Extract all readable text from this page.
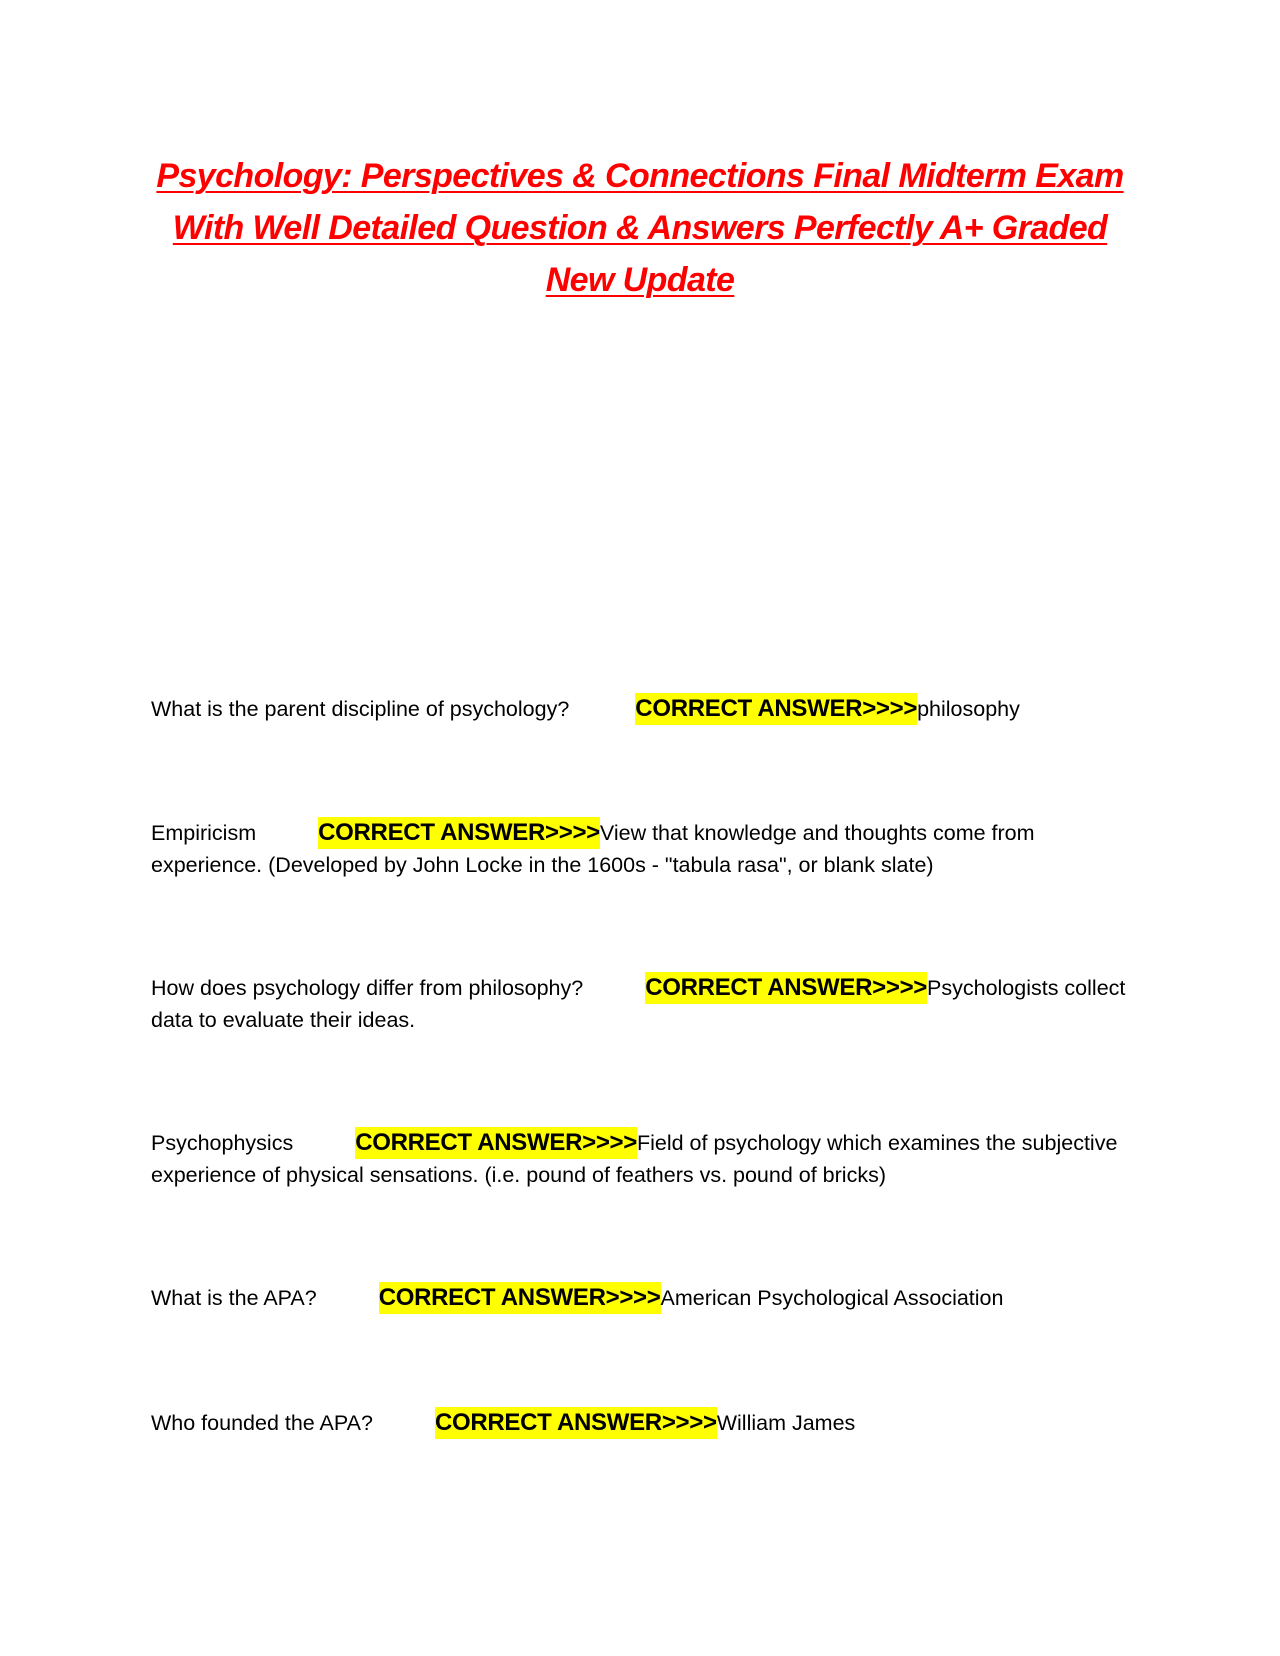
Psychology: Perspectives & Connections Final Midterm Exam With Well Detailed Question & Answers Perfectly A+ Graded New Update

What is the parent discipline of psychology?	CORRECT ANSWER>>>>philosophy

Empiricism	CORRECT ANSWER>>>>View that knowledge and thoughts come from experience. (Developed by John Locke in the 1600s - "tabula rasa", or blank slate)

How does psychology differ from philosophy?	CORRECT ANSWER>>>>Psychologists collect data to evaluate their ideas.

Psychophysics	CORRECT ANSWER>>>>Field of psychology which examines the subjective experience of physical sensations. (i.e. pound of feathers vs. pound of bricks)

What is the APA?	CORRECT ANSWER>>>>American Psychological Association

Who founded the APA?	CORRECT ANSWER>>>>William James
